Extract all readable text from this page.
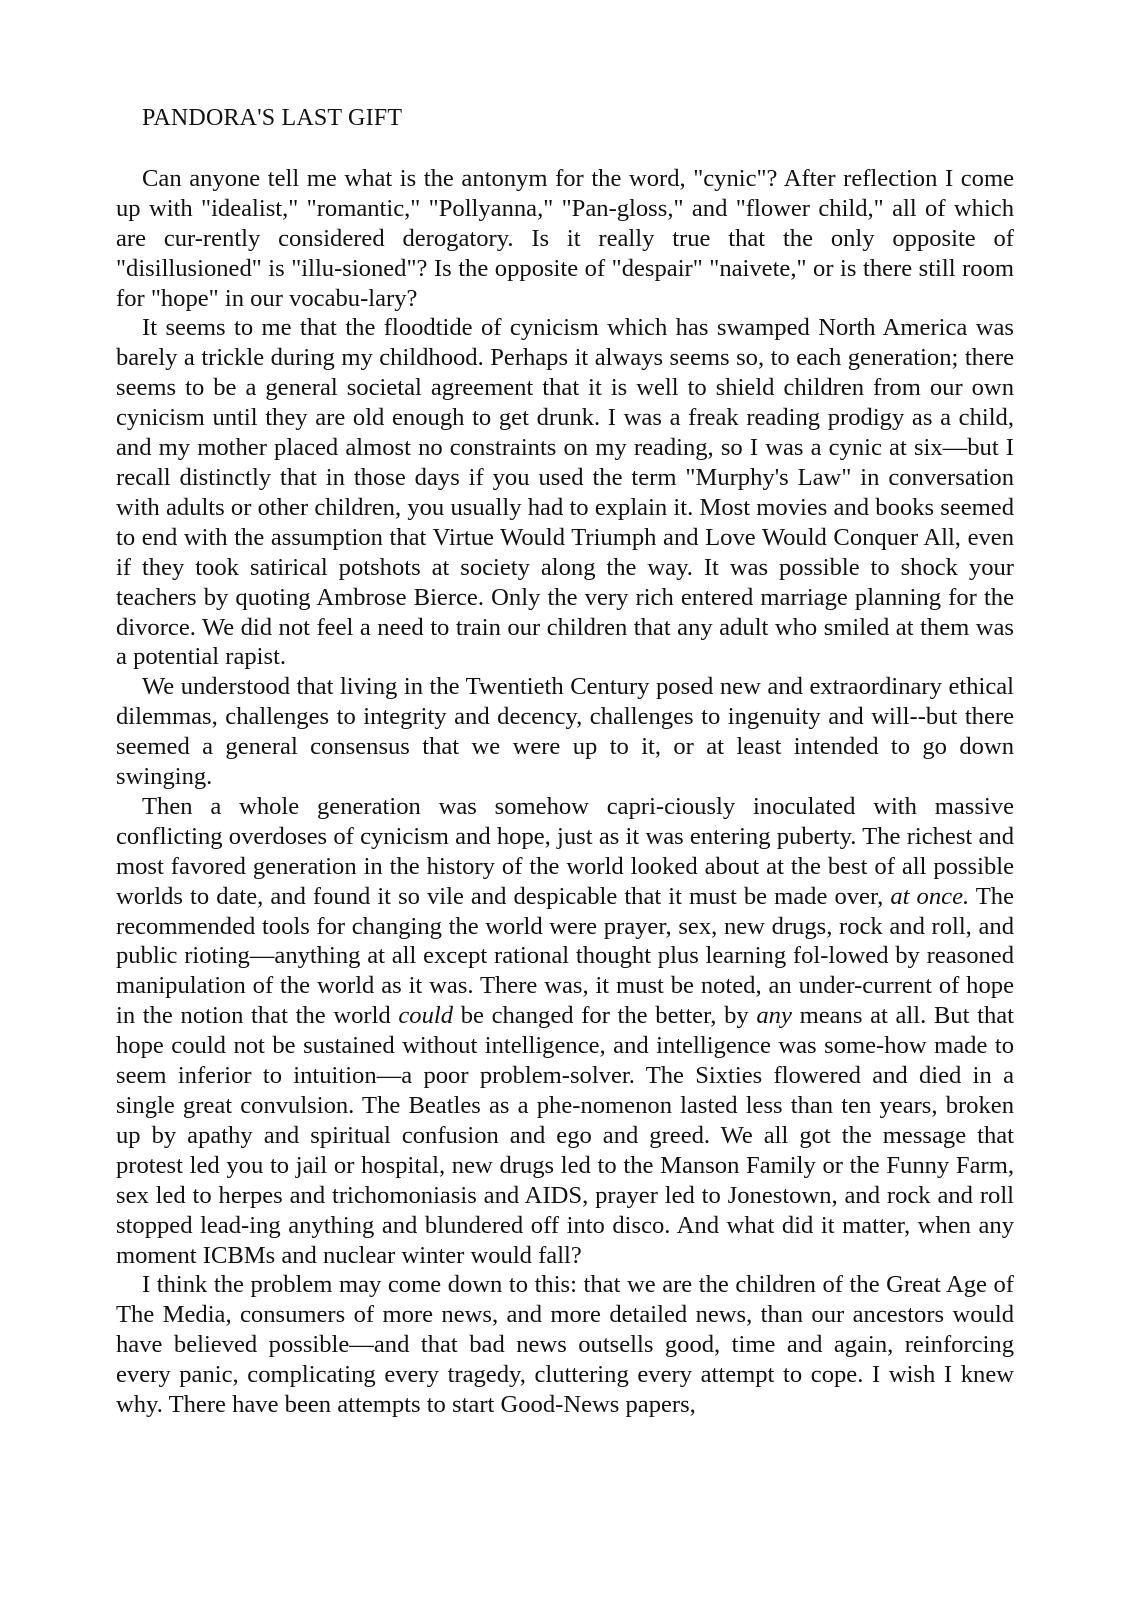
PANDORA'S LAST GIFT

Can anyone tell me what is the antonym for the word, "cynic"? After reflection I come up with "idealist," "romantic," "Pollyanna," "Pan-gloss," and "flower child," all of which are cur-rently considered derogatory. Is it really true that the only opposite of "disillusioned" is "illu-sioned"? Is the opposite of "despair" "naivete," or is there still room for "hope" in our vocabu-lary?

It seems to me that the floodtide of cynicism which has swamped North America was barely a trickle during my childhood. Perhaps it always seems so, to each generation; there seems to be a general societal agreement that it is well to shield children from our own cynicism until they are old enough to get drunk. I was a freak reading prodigy as a child, and my mother placed almost no constraints on my reading, so I was a cynic at six—but I recall distinctly that in those days if you used the term "Murphy's Law" in conversation with adults or other children, you usually had to explain it. Most movies and books seemed to end with the assumption that Virtue Would Triumph and Love Would Conquer All, even if they took satirical potshots at society along the way. It was possible to shock your teachers by quoting Ambrose Bierce. Only the very rich entered marriage planning for the divorce. We did not feel a need to train our children that any adult who smiled at them was a potential rapist.

We understood that living in the Twentieth Century posed new and extraordinary ethical dilemmas, challenges to integrity and decency, challenges to ingenuity and will--but there seemed a general consensus that we were up to it, or at least intended to go down swinging.

Then a whole generation was somehow capri-ciously inoculated with massive conflicting overdoses of cynicism and hope, just as it was entering puberty. The richest and most favored generation in the history of the world looked about at the best of all possible worlds to date, and found it so vile and despicable that it must be made over, at once. The recommended tools for changing the world were prayer, sex, new drugs, rock and roll, and public rioting—anything at all except rational thought plus learning fol-lowed by reasoned manipulation of the world as it was. There was, it must be noted, an under-current of hope in the notion that the world could be changed for the better, by any means at all. But that hope could not be sustained without intelligence, and intelligence was some-how made to seem inferior to intuition—a poor problem-solver. The Sixties flowered and died in a single great convulsion. The Beatles as a phe-nomenon lasted less than ten years, broken up by apathy and spiritual confusion and ego and greed. We all got the message that protest led you to jail or hospital, new drugs led to the Manson Family or the Funny Farm, sex led to herpes and trichomoniasis and AIDS, prayer led to Jonestown, and rock and roll stopped lead-ing anything and blundered off into disco. And what did it matter, when any moment ICBMs and nuclear winter would fall?

I think the problem may come down to this: that we are the children of the Great Age of The Media, consumers of more news, and more detailed news, than our ancestors would have believed possible—and that bad news outsells good, time and again, reinforcing every panic, complicating every tragedy, cluttering every attempt to cope. I wish I knew why. There have been attempts to start Good-News papers,
